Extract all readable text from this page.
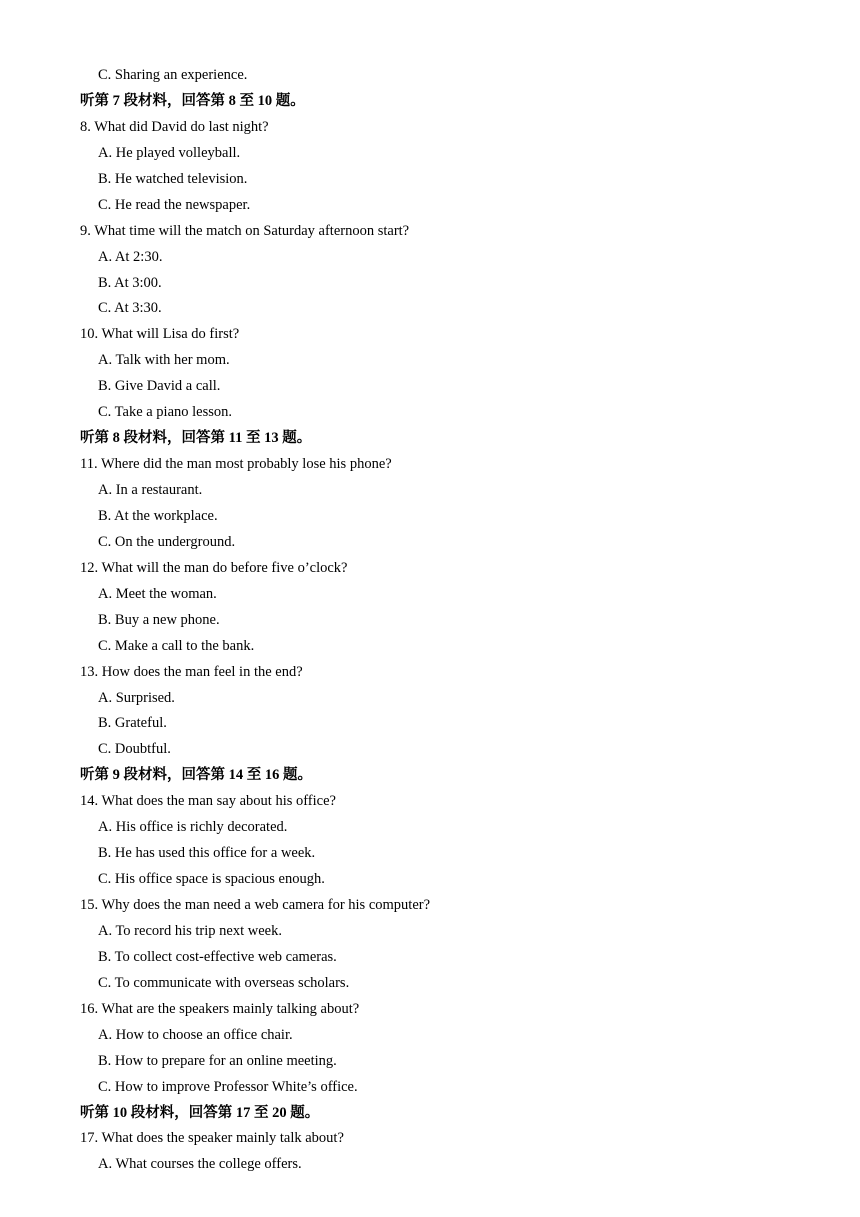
C. Sharing an experience.
听第 7 段材料，回答第 8 至 10 题。
8. What did David do last night?
A. He played volleyball.
B. He watched television.
C. He read the newspaper.
9. What time will the match on Saturday afternoon start?
A. At 2:30.
B. At 3:00.
C. At 3:30.
10. What will Lisa do first?
A. Talk with her mom.
B. Give David a call.
C. Take a piano lesson.
听第 8 段材料，回答第 11 至 13 题。
11. Where did the man most probably lose his phone?
A. In a restaurant.
B. At the workplace.
C. On the underground.
12. What will the man do before five o’clock?
A. Meet the woman.
B. Buy a new phone.
C. Make a call to the bank.
13. How does the man feel in the end?
A. Surprised.
B. Grateful.
C. Doubtful.
听第 9 段材料，回答第 14 至 16 题。
14. What does the man say about his office?
A. His office is richly decorated.
B. He has used this office for a week.
C. His office space is spacious enough.
15. Why does the man need a web camera for his computer?
A. To record his trip next week.
B. To collect cost-effective web cameras.
C. To communicate with overseas scholars.
16. What are the speakers mainly talking about?
A. How to choose an office chair.
B. How to prepare for an online meeting.
C. How to improve Professor White’s office.
听第 10 段材料，回答第 17 至 20 题。
17. What does the speaker mainly talk about?
A. What courses the college offers.
